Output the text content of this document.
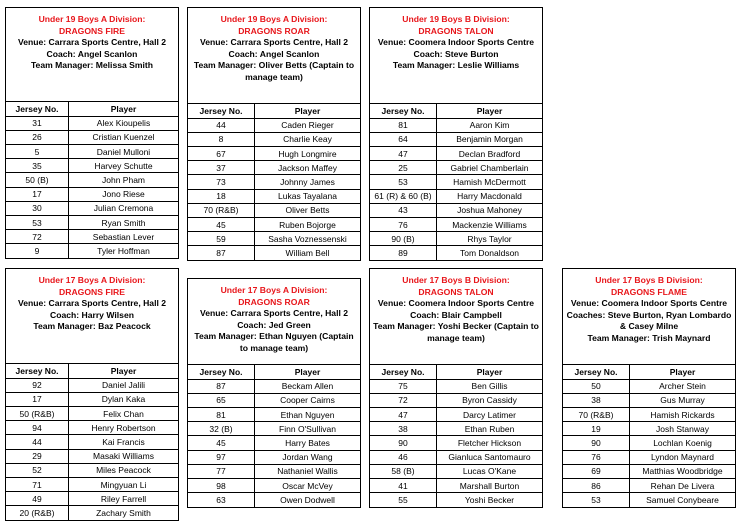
Under 19 Boys A Division:
DRAGONS FIRE
Venue: Carrara Sports Centre, Hall 2
Coach: Angel Scanlon
Team Manager: Melissa Smith
Jersey No.	Player
31	Alex Kioupelis
26	Cristian Kuenzel
5	Daniel Mulloni
35	Harvey Schutte
50 (B)	John Pham
17	Jono Riese
30	Julian Cremona
53	Ryan Smith
72	Sebastian Lever
9	Tyler Hoffman
Under 19 Boys A Division:
DRAGONS ROAR
Venue: Carrara Sports Centre, Hall 2
Coach: Angel Scanlon
Team Manager: Oliver Betts (Captain to manage team)
Jersey No.	Player
44	Caden Rieger
8	Charlie Keay
67	Hugh Longmire
37	Jackson Maffey
73	Johnny James
18	Lukas Tayalana
70 (R&B)	Oliver Betts
45	Ruben Bojorge
59	Sasha Voznessenski
87	William Bell
Under 19 Boys B Division:
DRAGONS TALON
Venue: Coomera Indoor Sports Centre
Coach: Steve Burton
Team Manager: Leslie Williams
Jersey No.	Player
81	Aaron Kim
64	Benjamin Morgan
47	Declan Bradford
25	Gabriel Chamberlain
53	Hamish McDermott
61 (R) & 60 (B)	Harry Macdonald
43	Joshua Mahoney
76	Mackenzie Williams
90 (B)	Rhys Taylor
89	Tom Donaldson
Under 17 Boys A Division:
DRAGONS FIRE
Venue: Carrara Sports Centre, Hall 2
Coach: Harry Wilsen
Team Manager: Baz Peacock
Jersey No.	Player
92	Daniel Jalili
17	Dylan Kaka
50 (R&B)	Felix Chan
94	Henry Robertson
44	Kai Francis
29	Masaki Williams
52	Miles Peacock
71	Mingyuan Li
49	Riley Farrell
20 (R&B)	Zachary Smith
Under 17 Boys A Division:
DRAGONS ROAR
Venue: Carrara Sports Centre, Hall 2
Coach: Jed Green
Team Manager: Ethan Nguyen (Captain to manage team)
Jersey No.	Player
87	Beckam Allen
65	Cooper Cairns
81	Ethan Nguyen
32 (B)	Finn O'Sullivan
45	Harry Bates
97	Jordan Wang
77	Nathaniel Wallis
98	Oscar McVey
63	Owen Dodwell
Under 17 Boys B Division:
DRAGONS TALON
Venue: Coomera Indoor Sports Centre
Coach: Blair Campbell
Team Manager: Yoshi Becker (Captain to manage team)
Jersey No.	Player
75	Ben Gillis
72	Byron Cassidy
47	Darcy Latimer
38	Ethan Ruben
90	Fletcher Hickson
46	Gianluca Santomauro
58 (B)	Lucas O'Kane
41	Marshall Burton
55	Yoshi Becker
Under 17 Boys B Division:
DRAGONS FLAME
Venue: Coomera Indoor Sports Centre
Coaches: Steve Burton, Ryan Lombardo & Casey Milne
Team Manager: Trish Maynard
Jersey No.	Player
50	Archer Stein
38	Gus Murray
70 (R&B)	Hamish Rickards
19	Josh Stanway
90	Lochlan Koenig
76	Lyndon Maynard
69	Matthias Woodbridge
86	Rehan De Livera
53	Samuel Conybeare
